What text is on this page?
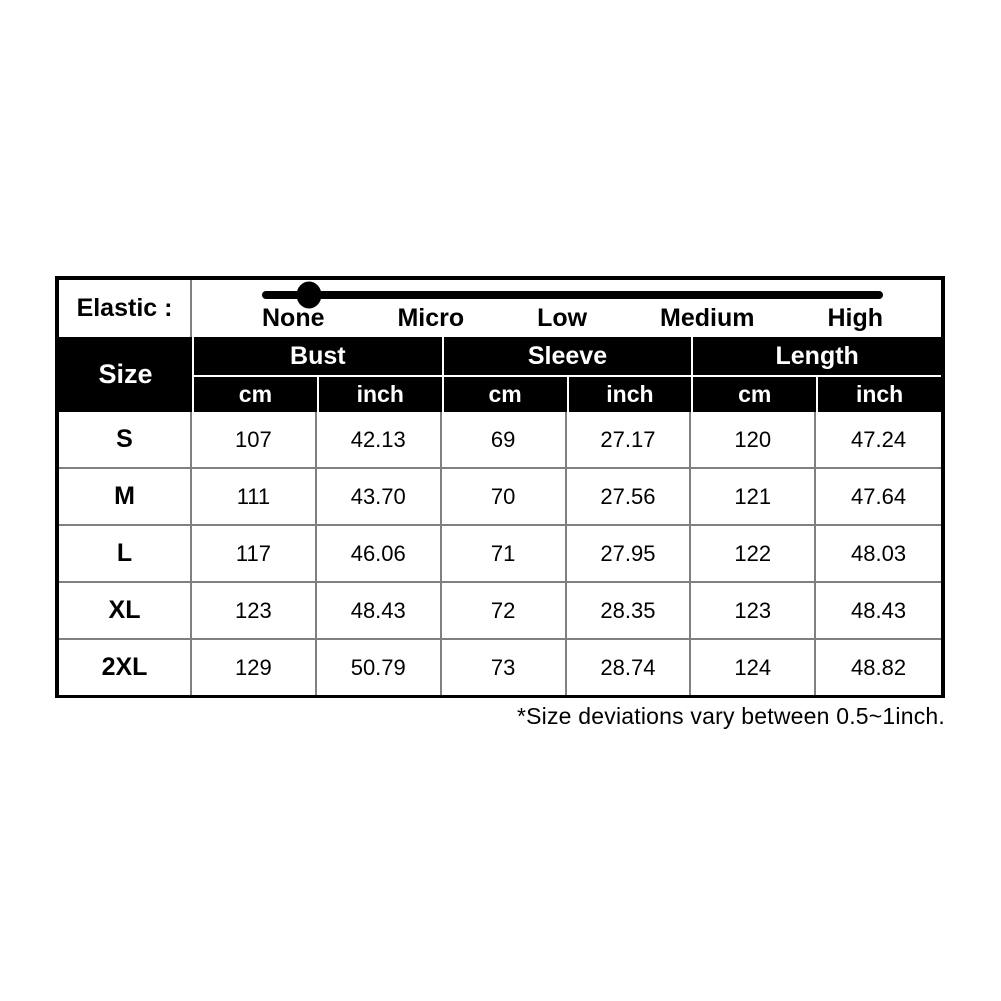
Elastic :	None	Micro	Low	Medium	High
Size
Bust	Sleeve	Length
cm	inch	cm	inch	cm	inch
S	107	42.13	69	27.17	120	47.24
M	111	43.70	70	27.56	121	47.64
L	117	46.06	71	27.95	122	48.03
XL	123	48.43	72	28.35	123	48.43
2XL	129	50.79	73	28.74	124	48.82
*Size deviations vary between 0.5~1inch.
